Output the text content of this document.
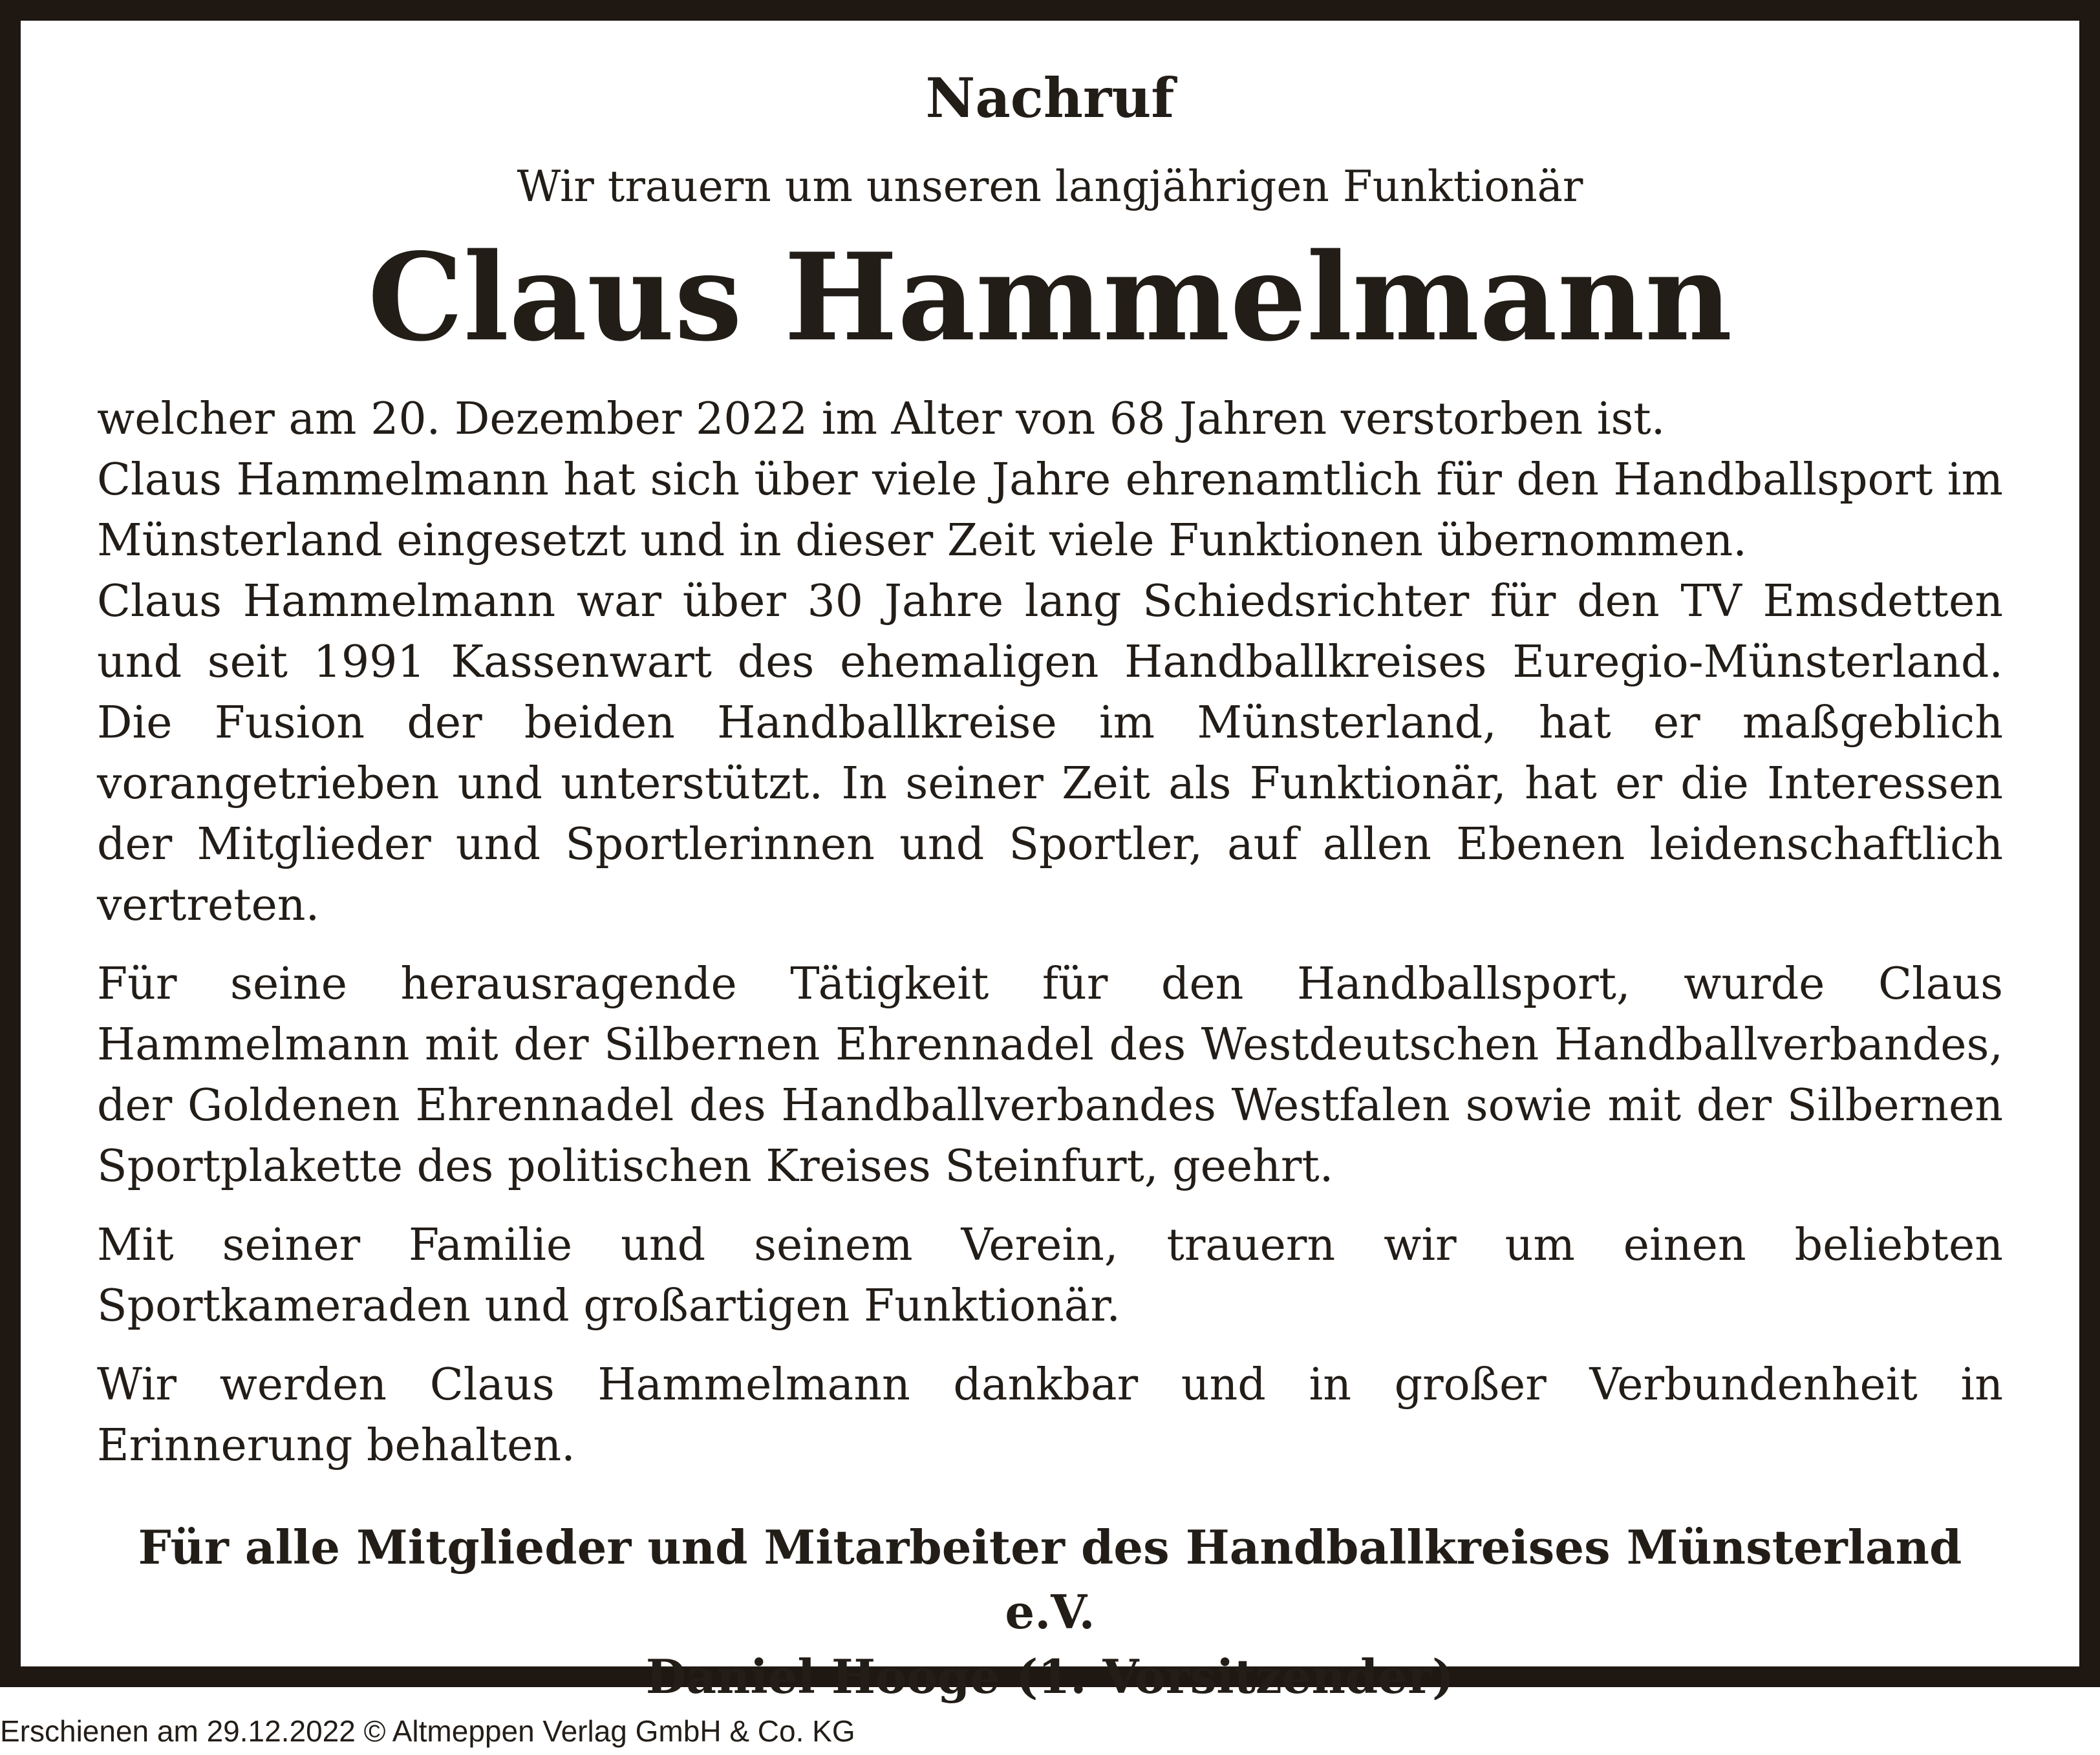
Nachruf
Wir trauern um unseren langjährigen Funktionär
Claus Hammelmann

welcher am 20. Dezember 2022 im Alter von 68 Jahren verstorben ist.

Claus Hammelmann hat sich über viele Jahre ehrenamtlich für den Handballsport im Münsterland eingesetzt und in dieser Zeit viele Funktionen übernommen.

Claus Hammelmann war über 30 Jahre lang Schiedsrichter für den TV Emsdetten und seit 1991 Kassenwart des ehemaligen Handballkreises Euregio-Münsterland. Die Fusion der beiden Handballkreise im Münsterland, hat er maßgeblich vorangetrieben und unterstützt. In seiner Zeit als Funktionär, hat er die Interessen der Mitglieder und Sportlerinnen und Sportler, auf allen Ebenen leidenschaftlich vertreten.

Für seine herausragende Tätigkeit für den Handballsport, wurde Claus Hammelmann mit der Silbernen Ehrennadel des Westdeutschen Handballverbandes, der Goldenen Ehrennadel des Handballverbandes Westfalen sowie mit der Silbernen Sportplakette des politischen Kreises Steinfurt, geehrt.

Mit seiner Familie und seinem Verein, trauern wir um einen beliebten Sportkameraden und großartigen Funktionär.

Wir werden Claus Hammelmann dankbar und in großer Verbundenheit in Erinnerung behalten.

Für alle Mitglieder und Mitarbeiter des Handballkreises Münsterland e.V.
Daniel Hooge (1. Vorsitzender)
Erschienen am 29.12.2022 © Altmeppen Verlag GmbH & Co. KG
